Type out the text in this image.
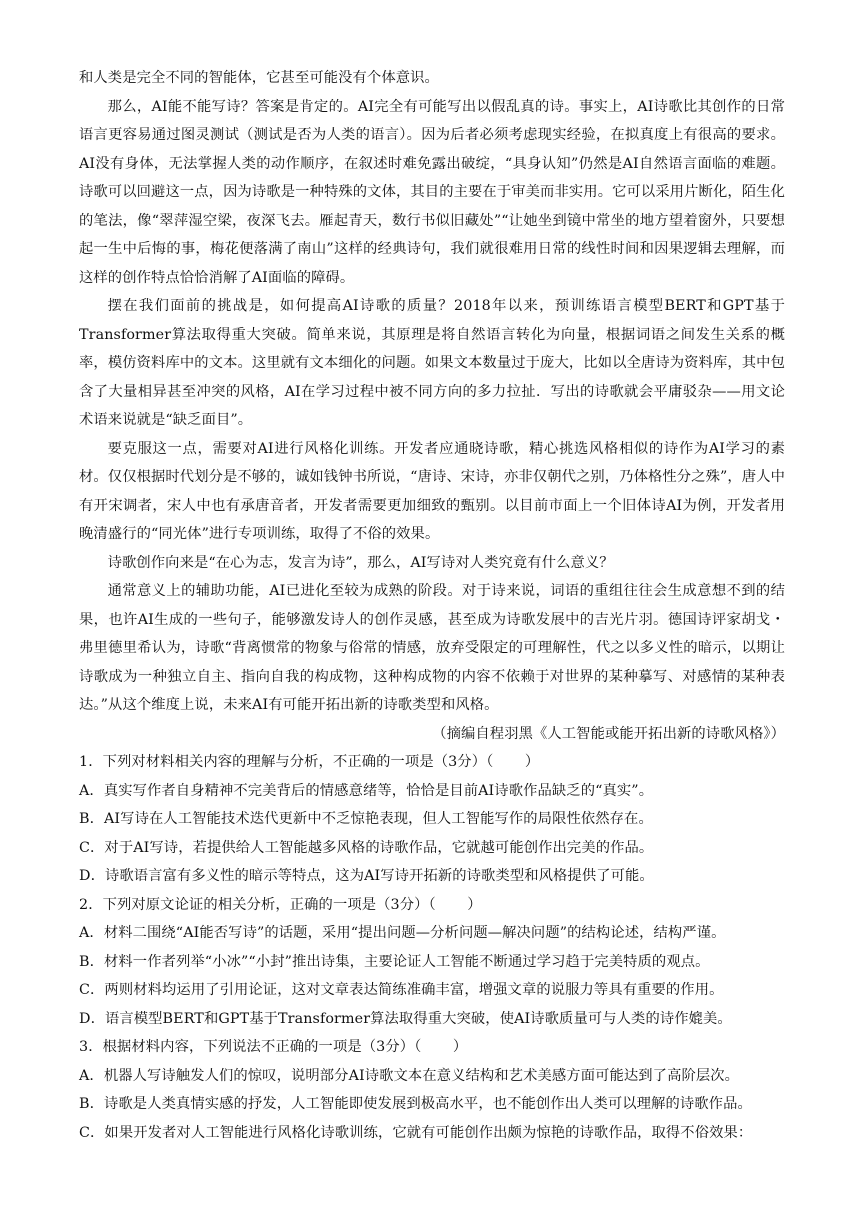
和人类是完全不同的智能体，它甚至可能没有个体意识。

那么，AI能不能写诗？答案是肯定的。AI完全有可能写出以假乱真的诗。事实上，AI诗歌比其创作的日常语言更容易通过图灵测试（测试是否为人类的语言）。因为后者必须考虑现实经验，在拟真度上有很高的要求。AI没有身体，无法掌握人类的动作顺序，在叙述时难免露出破绽，“具身认知”仍然是AI自然语言面临的难题。诗歌可以回避这一点，因为诗歌是一种特殊的文体，其目的主要在于审美而非实用。它可以采用片断化，陌生化的笔法，像“翠萍湿空梁，夜深飞去。雁起青天，数行书似旧藏处”“让她坐到镜中常坐的地方望着窗外，只要想起一生中后悔的事，梅花便落满了南山”这样的经典诗句，我们就很难用日常的线性时间和因果逻辑去理解，而这样的创作特点恰恰消解了AI面临的障碍。

摆在我们面前的挑战是，如何提高AI诗歌的质量？2018年以来，预训练语言模型BERT和GPT基于Transformer算法取得重大突破。简单来说，其原理是将自然语言转化为向量，根据词语之间发生关系的概率，模仿资料库中的文本。这里就有文本细化的问题。如果文本数量过于庞大，比如以全唐诗为资料库，其中包含了大量相异甚至冲突的风格，AI在学习过程中被不同方向的多力拉扯．写出的诗歌就会平庸驳杂——用文论术语来说就是“缺乏面目”。

要克服这一点，需要对AI进行风格化训练。开发者应通晓诗歌，精心挑选风格相似的诗作为AI学习的素材。仅仅根据时代划分是不够的，诚如钱钟书所说，“唐诗、宋诗，亦非仅朝代之别，乃体格性分之殊”，唐人中有开宋调者，宋人中也有承唐音者，开发者需要更加细致的甄别。以目前市面上一个旧体诗AI为例，开发者用晚清盛行的“同光体”进行专项训练，取得了不俗的效果。

诗歌创作向来是“在心为志，发言为诗”，那么，AI写诗对人类究竟有什么意义？

通常意义上的辅助功能，AI已进化至较为成熟的阶段。对于诗来说，词语的重组往往会生成意想不到的结果，也许AI生成的一些句子，能够激发诗人的创作灵感，甚至成为诗歌发展中的吉光片羽。德国诗评家胡戈・弗里德里希认为，诗歌“背离惯常的物象与俗常的情感，放弃受限定的可理解性，代之以多义性的暗示，以期让诗歌成为一种独立自主、指向自我的构成物，这种构成物的内容不依赖于对世界的某种摹写、对感情的某种表达。”从这个维度上说，未来AI有可能开拓出新的诗歌类型和风格。

（摘编自程羽黑《人工智能或能开拓出新的诗歌风格》）

1．下列对材料相关内容的理解与分析，不正确的一项是（3分）（ ）

A．真实写作者自身精神不完美背后的情感意绪等，恰恰是目前AI诗歌作品缺乏的“真实”。

B．AI写诗在人工智能技术迭代更新中不乏惊艳表现，但人工智能写作的局限性依然存在。

C．对于AI写诗，若提供给人工智能越多风格的诗歌作品，它就越可能创作出完美的作品。

D．诗歌语言富有多义性的暗示等特点，这为AI写诗开拓新的诗歌类型和风格提供了可能。

2．下列对原文论证的相关分析，正确的一项是（3分）（ ）

A．材料二围绕“AI能否写诗”的话题，采用“提出问题—分析问题—解决问题”的结构论述，结构严谨。

B．材料一作者列举“小冰”“小封”推出诗集，主要论证人工智能不断通过学习趋于完美特质的观点。

C．两则材料均运用了引用论证，这对文章表达简练准确丰富，增强文章的说服力等具有重要的作用。

D．语言模型BERT和GPT基于Transformer算法取得重大突破，使AI诗歌质量可与人类的诗作媲美。

3．根据材料内容，下列说法不正确的一项是（3分）（ ）

A．机器人写诗触发人们的惊叹，说明部分AI诗歌文本在意义结构和艺术美感方面可能达到了高阶层次。

B．诗歌是人类真情实感的抒发，人工智能即使发展到极高水平，也不能创作出人类可以理解的诗歌作品。

C．如果开发者对人工智能进行风格化诗歌训练，它就有可能创作出颇为惊艳的诗歌作品，取得不俗效果：
